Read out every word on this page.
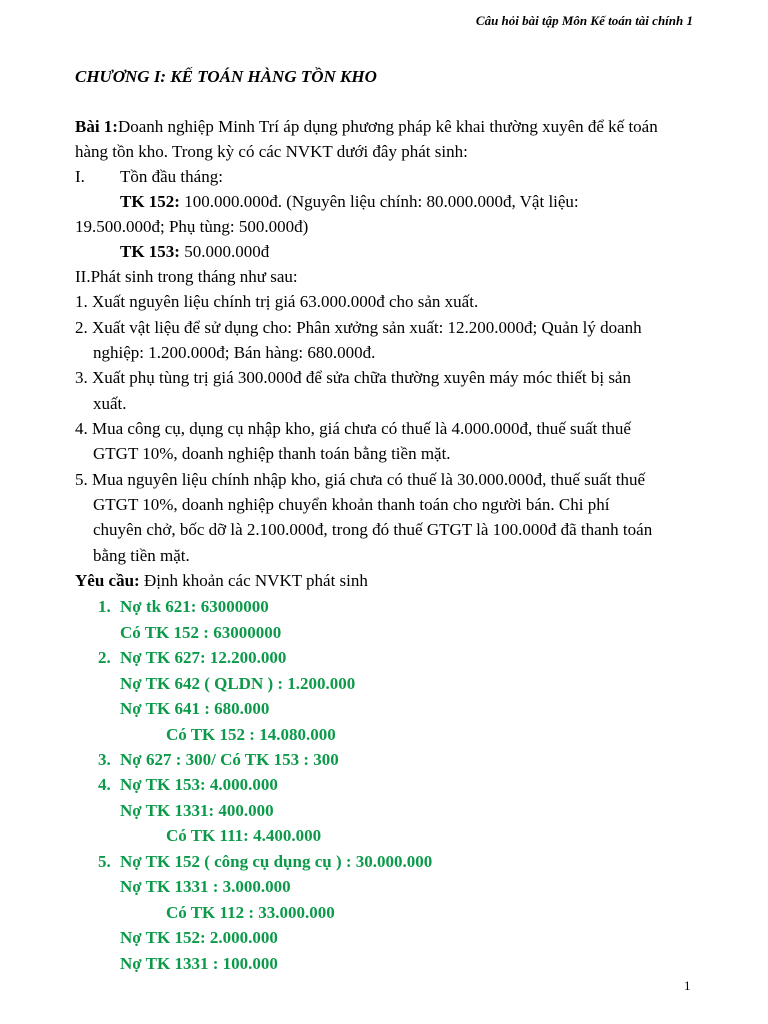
Câu hỏi bài tập Môn Kế toán tài chính 1
CHƯƠNG I: KẾ TOÁN HÀNG TỒN KHO
Bài 1:Doanh nghiệp Minh Trí áp dụng phương pháp kê khai thường xuyên để kế toán
hàng tồn kho. Trong kỳ có các NVKT dưới đây phát sinh:
I. Tồn đầu tháng:
TK 152: 100.000.000đ. (Nguyên liệu chính: 80.000.000đ, Vật liệu:
19.500.000đ; Phụ tùng: 500.000đ)
TK 153: 50.000.000đ
II.Phát sinh trong tháng như sau:
1. Xuất nguyên liệu chính trị giá 63.000.000đ cho sản xuất.
2. Xuất vật liệu để sử dụng cho: Phân xưởng sản xuất: 12.200.000đ; Quản lý doanh
nghiệp: 1.200.000đ; Bán hàng: 680.000đ.
3. Xuất phụ tùng trị giá 300.000đ để sửa chữa thường xuyên máy móc thiết bị sản
xuất.
4. Mua công cụ, dụng cụ nhập kho, giá chưa có thuế là 4.000.000đ, thuế suất thuế
GTGT 10%, doanh nghiệp thanh toán bằng tiền mặt.
5. Mua nguyên liệu chính nhập kho, giá chưa có thuế là 30.000.000đ, thuế suất thuế
GTGT 10%, doanh nghiệp chuyển khoản thanh toán cho người bán. Chi phí
chuyên chở, bốc dỡ là 2.100.000đ, trong đó thuế GTGT là 100.000đ đã thanh toán
bằng tiền mặt.
Yêu cầu: Định khoản các NVKT phát sinh
1. Nợ tk 621: 63000000
Có TK 152 : 63000000
2. Nợ TK 627: 12.200.000
Nợ TK 642 ( QLDN ) : 1.200.000
Nợ TK 641 : 680.000
Có TK 152 : 14.080.000
3. Nợ 627 : 300/ Có TK 153 : 300
4. Nợ TK 153: 4.000.000
Nợ TK 1331: 400.000
Có TK 111: 4.400.000
5. Nợ TK 152 ( công cụ dụng cụ ) : 30.000.000
Nợ TK 1331 : 3.000.000
Có TK 112 : 33.000.000
Nợ TK 152: 2.000.000
Nợ TK 1331 : 100.000
1
